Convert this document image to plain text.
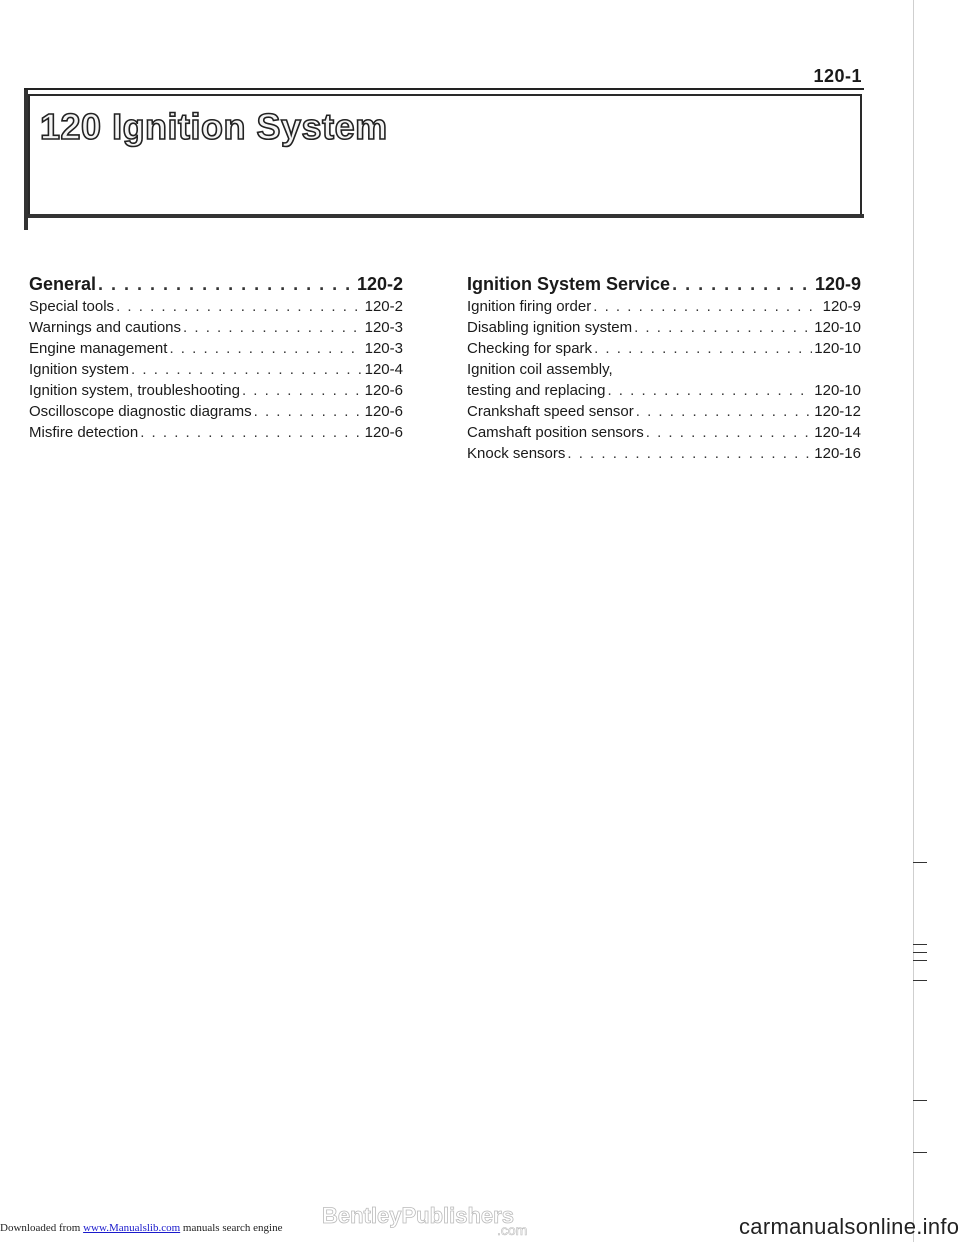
120-1
120 Ignition System
General . . .	120-2
Special tools . . .	120-2
Warnings and cautions . . .	120-3
Engine management . . .	120-3
Ignition system . . .	120-4
Ignition system, troubleshooting . . .	120-6
Oscilloscope diagnostic diagrams . . .	120-6
Misfire detection . . .	120-6
Ignition System Service . . .	120-9
Ignition firing order . . .	120-9
Disabling ignition system . . .	120-10
Checking for spark . . .	120-10
Ignition coil assembly,
testing and replacing . . .	120-10
Crankshaft speed sensor . . .	120-12
Camshaft position sensors . . .	120-14
Knock sensors . . .	120-16
BentleyPublishers
.com
Downloaded from www.Manualslib.com manuals search engine	carmanualsonline.info
